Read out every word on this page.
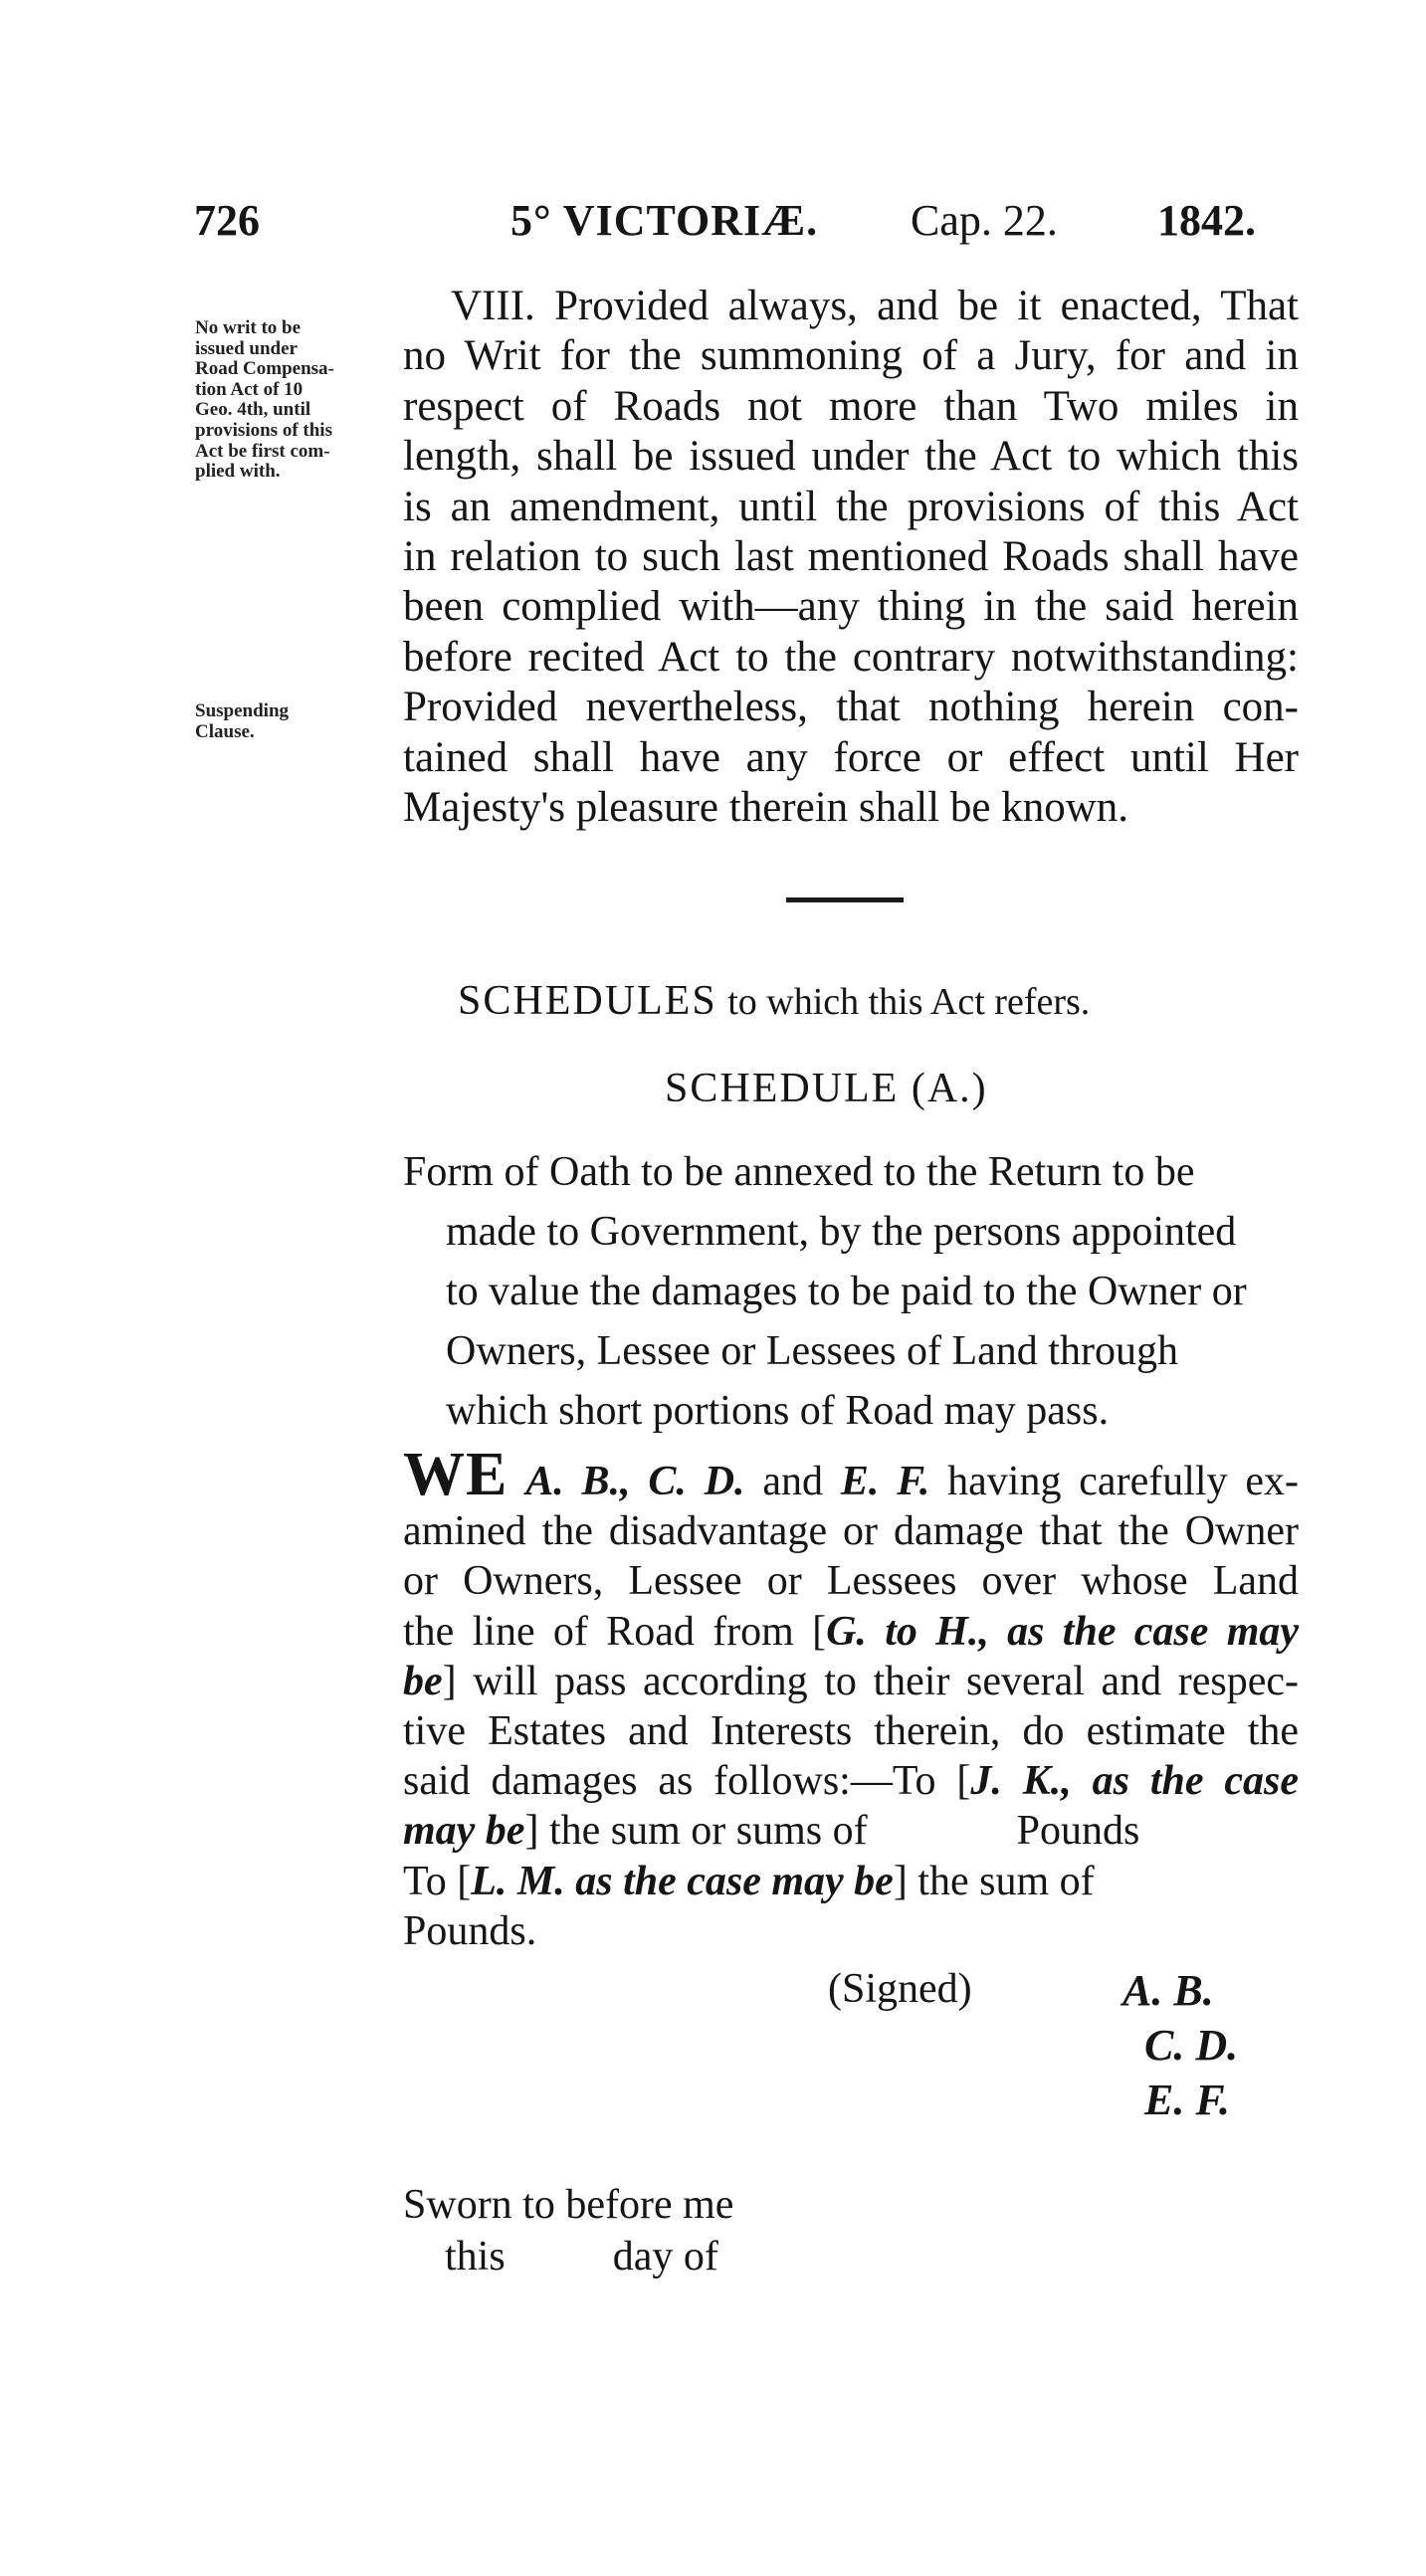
726	5° VICTORIÆ. Cap. 22. 1842.
No writ to be
issued under
Road Compensa-
tion Act of 10
Geo. 4th, until
provisions of this
Act be first com-
plied with.
VIII. Provided always, and be it enacted, That
no Writ for the summoning of a Jury, for and in
respect of Roads not more than Two miles in
length, shall be issued under the Act to which this
is an amendment, until the provisions of this Act
in relation to such last mentioned Roads shall have
been complied with—any thing in the said herein
before recited Act to the contrary notwithstanding:
Provided nevertheless, that nothing herein con-
tained shall have any force or effect until Her
Majesty's pleasure therein shall be known.
Suspending
Clause.
SCHEDULES to which this Act refers.
SCHEDULE (A.)
Form of Oath to be annexed to the Return to be
made to Government, by the persons appointed
to value the damages to be paid to the Owner or
Owners, Lessee or Lessees of Land through
which short portions of Road may pass.
WE A. B., C. D. and E. F. having carefully ex-
amined the disadvantage or damage that the Owner
or Owners, Lessee or Lessees over whose Land
the line of Road from [G. to H., as the case may
be] will pass according to their several and respec-
tive Estates and Interests therein, do estimate the
said damages as follows:—To [J. K., as the case
may be] the sum or sums of	Pounds
To [L. M. as the case may be] the sum of
Pounds.
(Signed)	A. B.
C. D.
E. F.
Sworn to before me
this	day of
